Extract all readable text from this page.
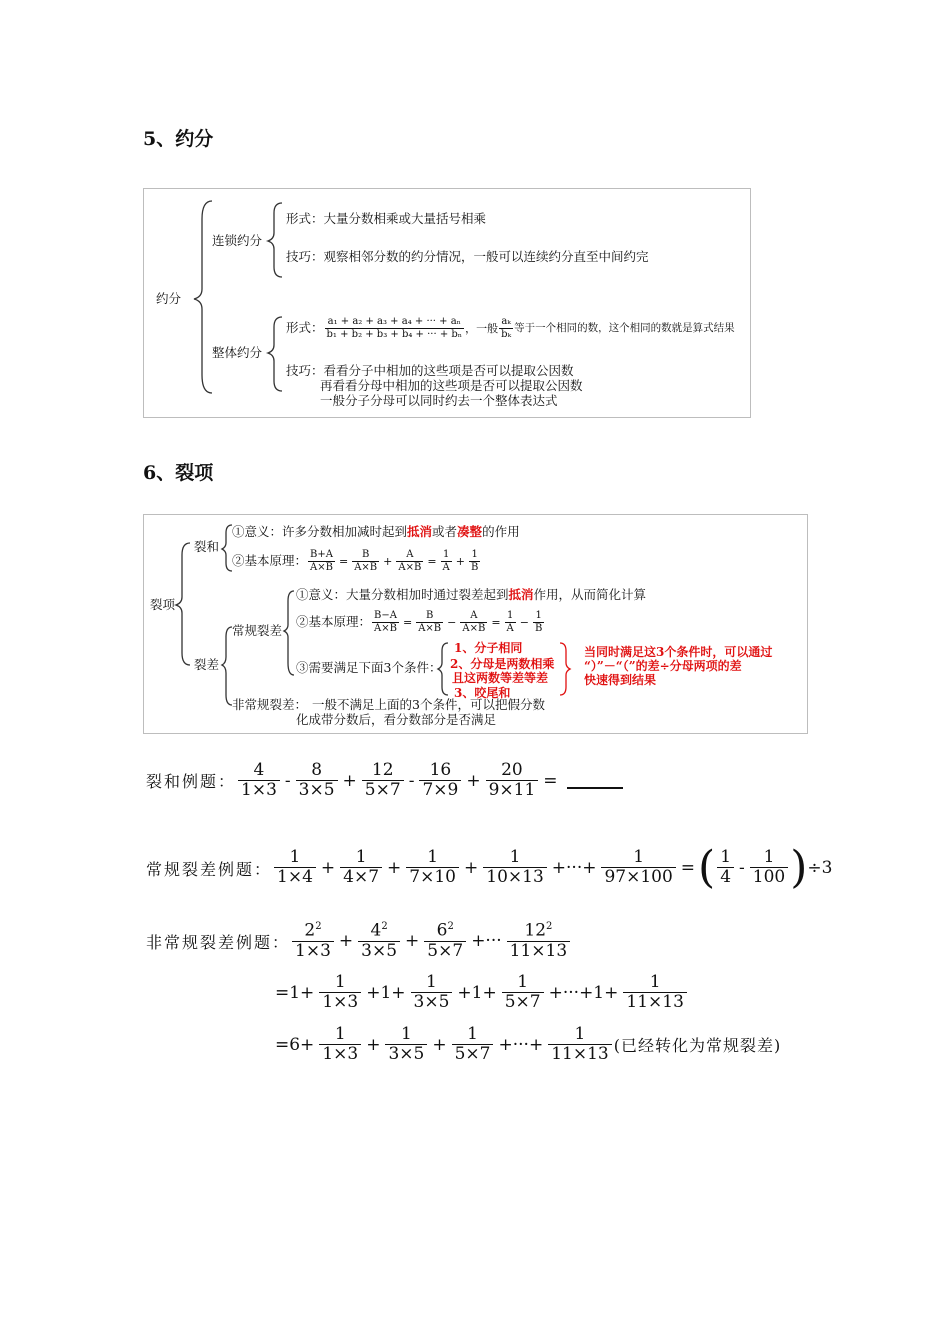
5、约分
约分
连锁约分
形式：大量分数相乘或大量括号相乘
技巧：观察相邻分数的约分情况，一般可以连续约分直至中间约完
整体约分
形式： $\frac{\text{a₁ + a₂ + a₃ + a₄ + ··· + aₙ}}{\text{b₁ + b₂ + b₃ + b₄ + ··· + bₙ}}$ ，一般
aₖ
bₖ 等于一个相同的数，这个相同的数就是算式结果
技巧：看看分子中相加的这些项是否可以提取公因数
再看看分母中相加的这些项是否可以提取公因数
一般分子分母可以同时约去一个整体表达式
6、裂项
裂项
裂和
①意义：许多分数相加减时起到抵消或者凑整的作用
②基本原理： $\frac{B+A}{A\times B} = \frac{B}{A\times B} + \frac{A}{A\times B} = \frac{1}{A} + \frac{1}{B}$
裂差
常规裂差
①意义：大量分数相加时通过裂差起到抵消作用，从而简化计算
②基本原理： $\frac{B-A}{A\times B} = \frac{B}{A\times B} - \frac{A}{A\times B} = \frac{1}{A} - \frac{1}{B}$
③需要满足下面3个条件：
1、分子相同
2、分母是两数相乘
且这两数等差等差
3、咬尾和
当同时满足这3个条件时，可以通过
“）”－“（”的差÷分母两项的差
快速得到结果
非常规裂差： 一般不满足上面的3个条件，可以把假分数
化成带分数后，看分数部分是否满足
裂和例题： $\frac{4}{1\times 3} - \frac{8}{3\times 5} + \frac{12}{5\times 7} - \frac{16}{7\times 9} + \frac{20}{9\times 11}$ =
常规裂差例题： $\frac{1}{1\times 4} + \frac{1}{4\times 7} + \frac{1}{7\times 10} + \frac{1}{10\times 13}$ +···+ $\frac{1}{97\times 100}$ = ( $\frac{1}{4} - \frac{1}{100}$ ) ÷3
非常规裂差例题： $\frac{2^2}{1\times 3} + \frac{4^2}{3\times 5} + \frac{6^2}{5\times 7}$ +··· $\frac{12^2}{11\times 13}$
$=1+ \frac{1}{1\times 3} +1+ \frac{1}{3\times 5} +1+ \frac{1}{5\times 7} +\cdot\cdot\cdot+1+ \frac{1}{11\times 13}$
$=6+ \frac{1}{1\times 3} + \frac{1}{3\times 5} + \frac{1}{5\times 7}$ +···+ $\frac{1}{11\times 13}$ (已经转化为常规裂差)
